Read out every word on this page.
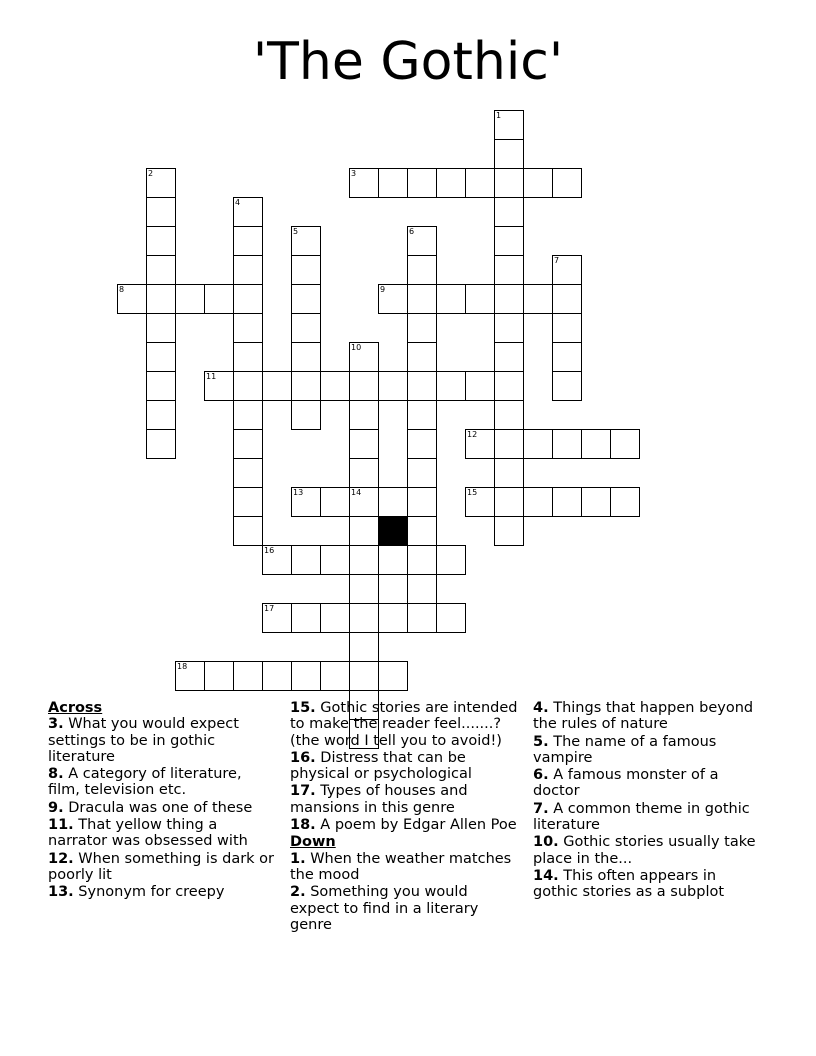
'The Gothic'
1
2	3
4
5	6
7
8	9
10
11
12
13	14	15
16
17
18
Across
3. What you would expect settings to be in gothic literature
8. A category of literature, film, television etc.
9. Dracula was one of these
11. That yellow thing a narrator was obsessed with
12. When something is dark or poorly lit
13. Synonym for creepy
15. Gothic stories are intended to make the reader feel.......? (the word I tell you to avoid!)
16. Distress that can be physical or psychological
17. Types of houses and mansions in this genre
18. A poem by Edgar Allen Poe
Down
1. When the weather matches the mood
2. Something you would expect to find in a literary genre
4. Things that happen beyond the rules of nature
5. The name of a famous vampire
6. A famous monster of a doctor
7. A common theme in gothic literature
10. Gothic stories usually take place in the...
14. This often appears in gothic stories as a subplot
